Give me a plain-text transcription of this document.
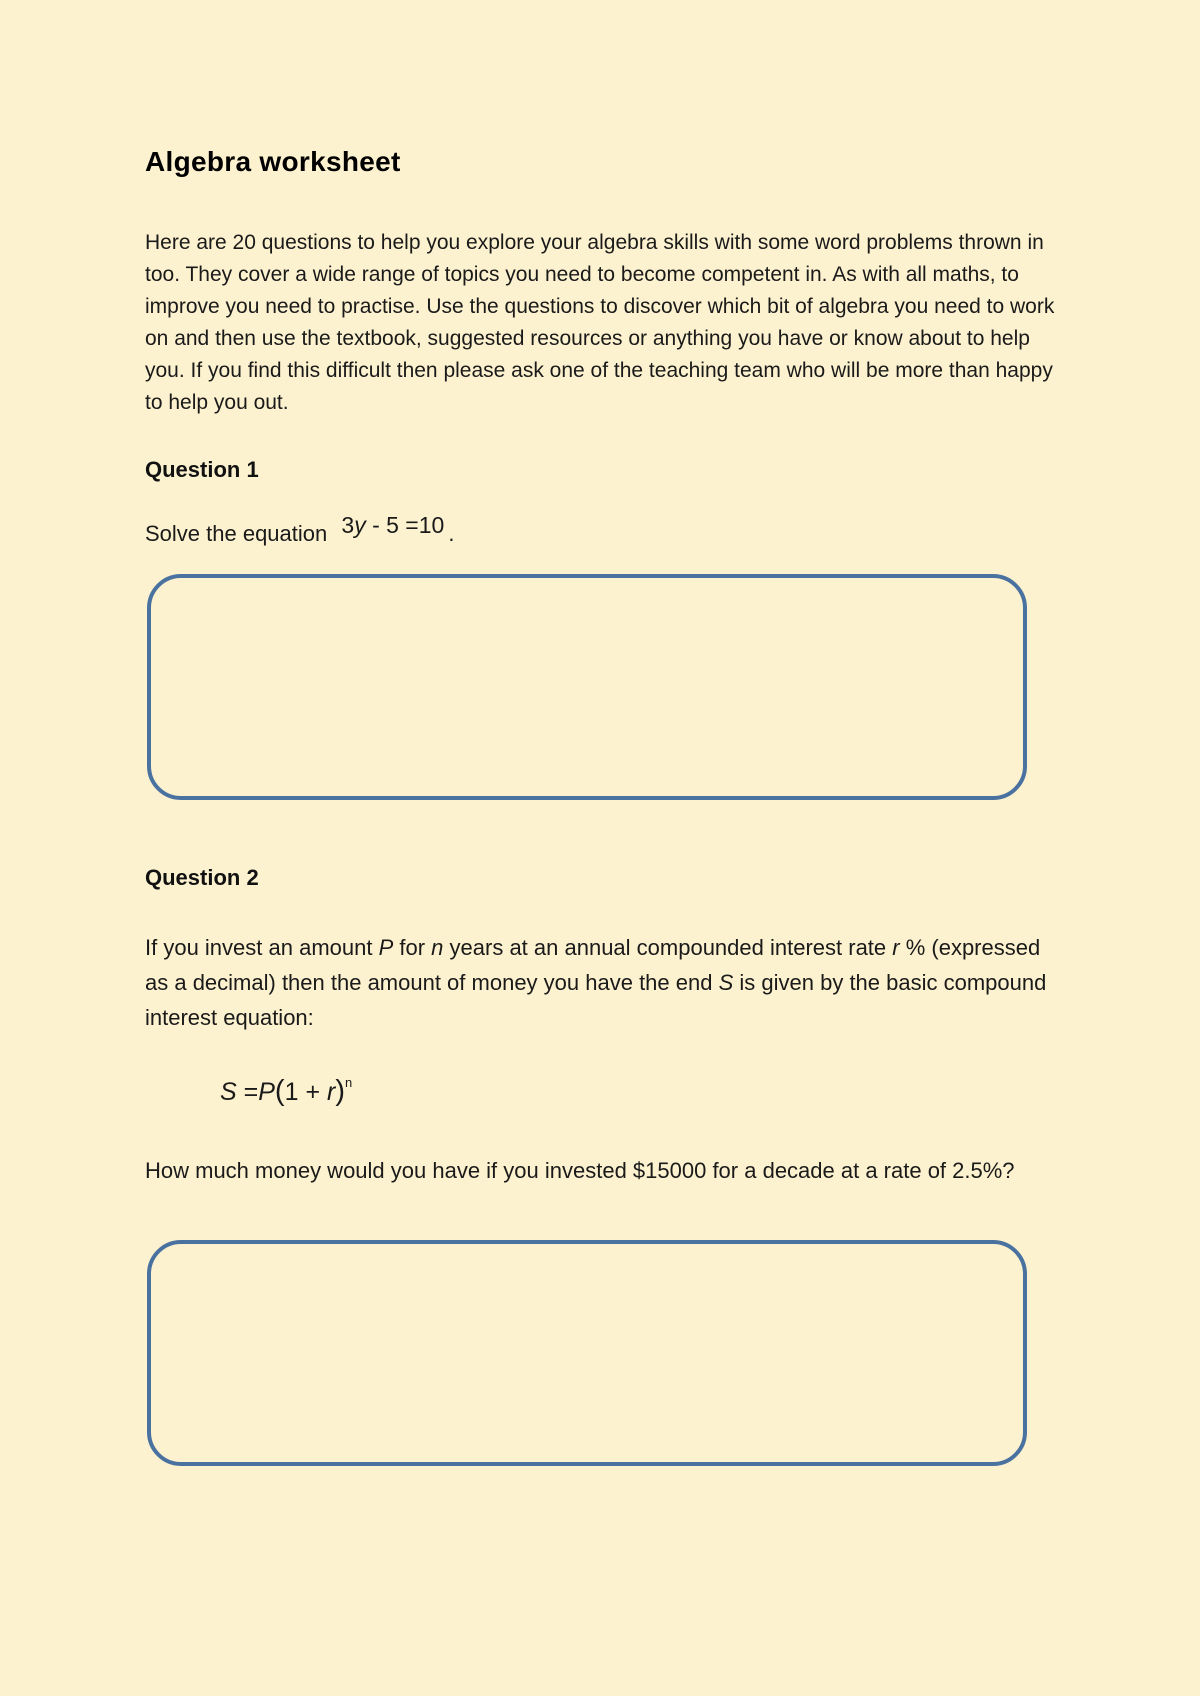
Algebra worksheet

Here are 20 questions to help you explore your algebra skills with some word problems thrown in too. They cover a wide range of topics you need to become competent in. As with all maths, to improve you need to practise. Use the questions to discover which bit of algebra you need to work on and then use the textbook, suggested resources or anything you have or know about to help you. If you find this difficult then please ask one of the teaching team who will be more than happy to help you out.

Question 1
Solve the equation 3y - 5 =10 .
Question 2

If you invest an amount P for n years at an annual compounded interest rate r % (expressed as a decimal) then the amount of money you have the end S is given by the basic compound interest equation:

$S =P(1 + r)^n$

How much money would you have if you invested $15000 for a decade at a rate of 2.5%?
